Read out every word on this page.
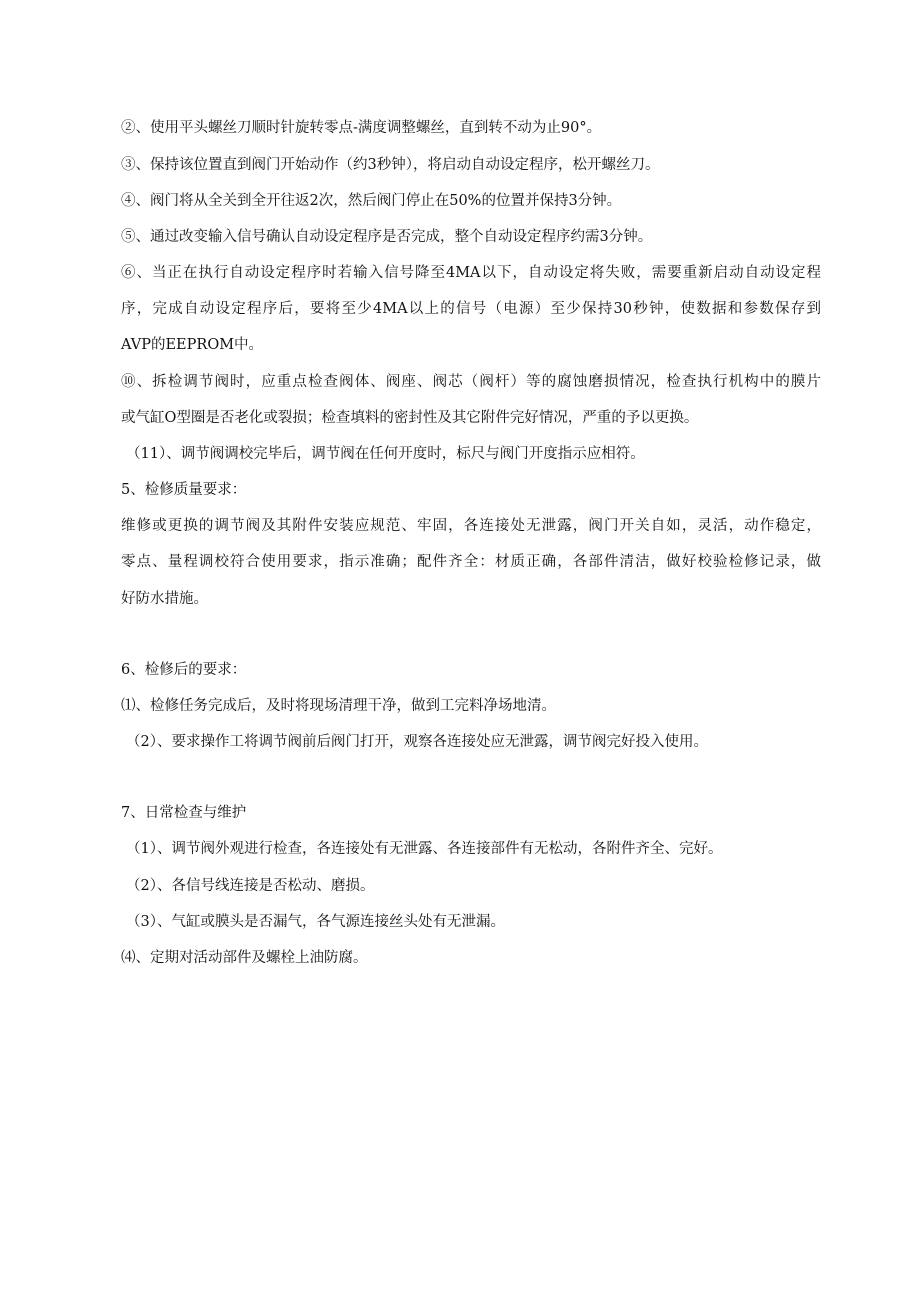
②、使用平头螺丝刀顺时针旋转零点-满度调整螺丝，直到转不动为止90°。
③、保持该位置直到阀门开始动作（约3秒钟），将启动自动设定程序，松开螺丝刀。
④、阀门将从全关到全开往返2次，然后阀门停止在50%的位置并保持3分钟。
⑤、通过改变输入信号确认自动设定程序是否完成，整个自动设定程序约需3分钟。
⑥、当正在执行自动设定程序时若输入信号降至4MA以下，自动设定将失败，需要重新启动自动设定程
序，完成自动设定程序后，要将至少4MA以上的信号（电源）至少保持30秒钟，使数据和参数保存到
AVP的EEPROM中。
⑩、拆检调节阀时，应重点检查阀体、阀座、阀芯（阀杆）等的腐蚀磨损情况，检查执行机构中的膜片
或气缸O型圈是否老化或裂损；检查填料的密封性及其它附件完好情况，严重的予以更换。
（11）、调节阀调校完毕后，调节阀在任何开度时，标尺与阀门开度指示应相符。
5、检修质量要求：
维修或更换的调节阀及其附件安装应规范、牢固，各连接处无泄露，阀门开关自如，灵活，动作稳定，
零点、量程调校符合使用要求，指示准确；配件齐全：材质正确，各部件清洁，做好校验检修记录，做
好防水措施。
6、检修后的要求：
⑴、检修任务完成后，及时将现场清理干净，做到工完料净场地清。
（2）、要求操作工将调节阀前后阀门打开，观察各连接处应无泄露，调节阀完好投入使用。
7、日常检查与维护
（1）、调节阀外观进行检查，各连接处有无泄露、各连接部件有无松动，各附件齐全、完好。
（2）、各信号线连接是否松动、磨损。
（3）、气缸或膜头是否漏气，各气源连接丝头处有无泄漏。
⑷、定期对活动部件及螺栓上油防腐。
